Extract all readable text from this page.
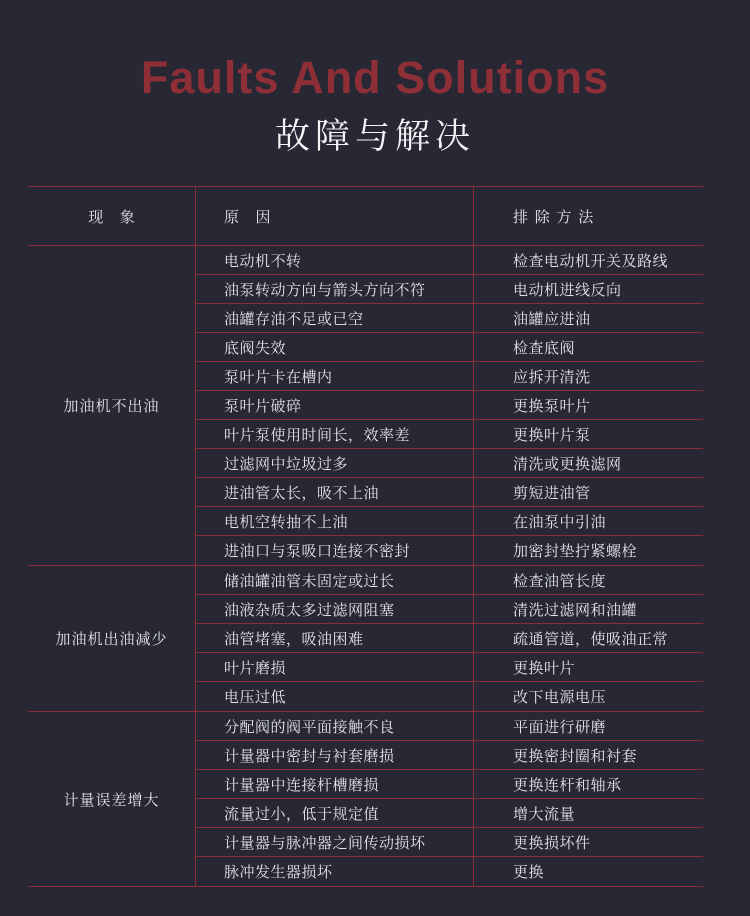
Faults And Solutions
故障与解决
现象	原因	排除方法
加油机不出油
电动机不转	检查电动机开关及路线
油泵转动方向与箭头方向不符	电动机进线反向
油罐存油不足或已空	油罐应进油
底阀失效	检查底阀
泵叶片卡在槽内	应拆开清洗
泵叶片破碎	更换泵叶片
叶片泵使用时间长，效率差	更换叶片泵
过滤网中垃圾过多	清洗或更换滤网
进油管太长，吸不上油	剪短进油管
电机空转抽不上油	在油泵中引油
进油口与泵吸口连接不密封	加密封垫拧紧螺栓
加油机出油减少
储油罐油管未固定或过长	检查油管长度
油液杂质太多过滤网阻塞	清洗过滤网和油罐
油管堵塞，吸油困难	疏通管道，使吸油正常
叶片磨损	更换叶片
电压过低	改下电源电压
计量误差增大
分配阀的阀平面接触不良	平面进行研磨
计量器中密封与衬套磨损	更换密封圈和衬套
计量器中连接杆槽磨损	更换连杆和轴承
流量过小，低于规定值	增大流量
计量器与脉冲器之间传动损坏	更换损坏件
脉冲发生器损坏	更换
